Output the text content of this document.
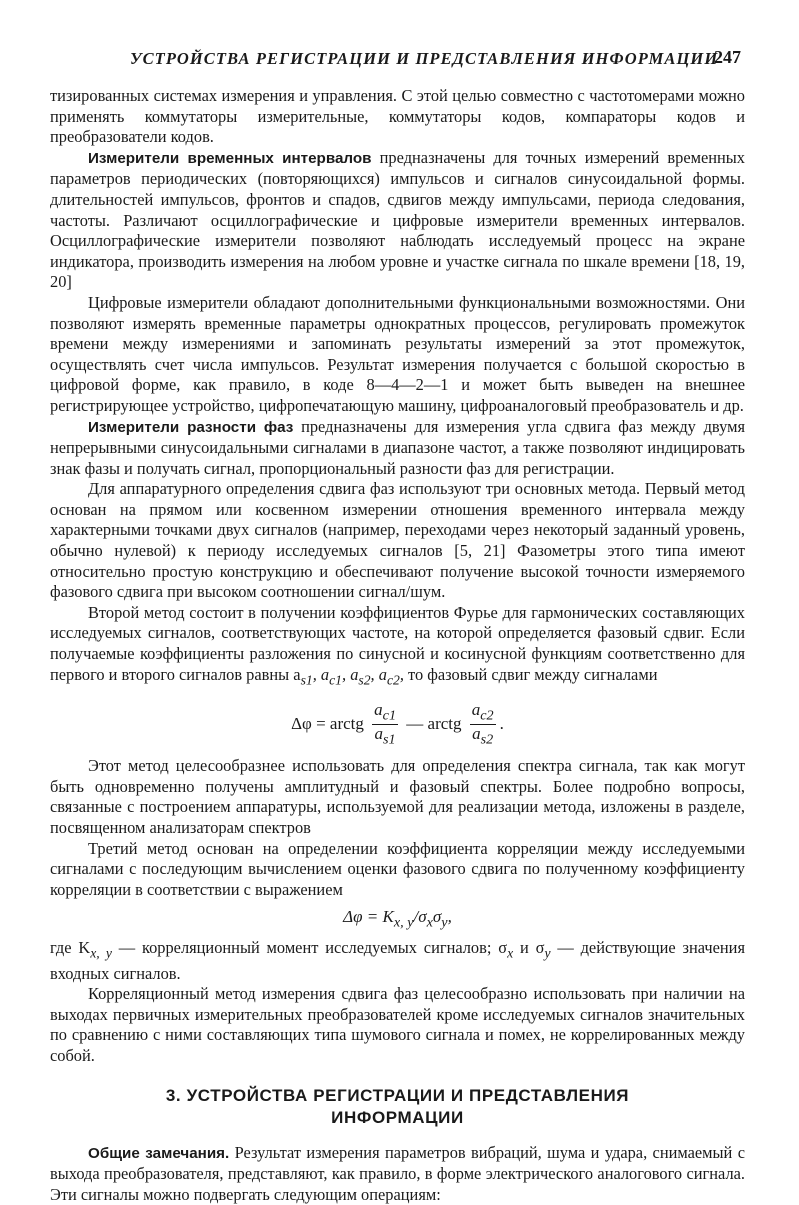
УСТРОЙСТВА РЕГИСТРАЦИИ И ПРЕДСТАВЛЕНИЯ ИНФОРМАЦИИ
247

тизированных системах измерения и управления. С этой целью совместно с частотомерами можно применять коммутаторы измерительные, коммутаторы кодов, компараторы кодов и преобразователи кодов.

Измерители временных интервалов предназначены для точных измерений временных параметров периодических (повторяющихся) импульсов и сигналов синусоидальной формы. длительностей импульсов, фронтов и спадов, сдвигов между импульсами, периода следования, частоты. Различают осциллографические и цифровые измерители временных интервалов. Осциллографические измерители позволяют наблюдать исследуемый процесс на экране индикатора, производить измерения на любом уровне и участке сигнала по шкале времени [18, 19, 20]

Цифровые измерители обладают дополнительными функциональными возможностями. Они позволяют измерять временные параметры однократных процессов, регулировать промежуток времени между измерениями и запоминать результаты измерений за этот промежуток, осуществлять счет числа импульсов. Результат измерения получается с большой скоростью в цифровой форме, как правило, в коде 8—4—2—1 и может быть выведен на внешнее регистрирующее устройство, цифропечатающую машину, цифроаналоговый преобразователь и др.

Измерители разности фаз предназначены для измерения угла сдвига фаз между двумя непрерывными синусоидальными сигналами в диапазоне частот, а также позволяют индицировать знак фазы и получать сигнал, пропорциональный разности фаз для регистрации.

Для аппаратурного определения сдвига фаз используют три основных метода. Первый метод основан на прямом или косвенном измерении отношения временного интервала между характерными точками двух сигналов (например, переходами через некоторый заданный уровень, обычно нулевой) к периоду исследуемых сигналов [5, 21] Фазометры этого типа имеют относительно простую конструкцию и обеспечивают получение высокой точности измеряемого фазового сдвига при высоком соотношении сигнал/шум.

Второй метод состоит в получении коэффициентов Фурье для гармонических составляющих исследуемых сигналов, соответствующих частоте, на которой определяется фазовый сдвиг. Если получаемые коэффициенты разложения по синусной и косинусной функциям соответственно для первого и второго сигналов равны $a_{s1}$, $a_{c1}$, $a_{s2}$, $a_{c2}$, то фазовый сдвиг между сигналами

Δφ = arctg $\frac{a_{c1}}{a_{s1}}$ — arctg $\frac{a_{c2}}{a_{s2}}$ .

Этот метод целесообразнее использовать для определения спектра сигнала, так как могут быть одновременно получены амплитудный и фазовый спектры. Более подробно вопросы, связанные с построением аппаратуры, используемой для реализации метода, изложены в разделе, посвященном анализаторам спектров

Третий метод основан на определении коэффициента корреляции между исследуемыми сигналами с последующим вычислением оценки фазового сдвига по полученному коэффициенту корреляции в соответствии с выражением

$\Delta\varphi = K_{x, y}/\sigma_x\sigma_y$,

где $K_{x, y}$ — корреляционный момент исследуемых сигналов; $\sigma_x$ и $\sigma_y$ — действующие значения входных сигналов.

Корреляционный метод измерения сдвига фаз целесообразно использовать при наличии на выходах первичных измерительных преобразователей кроме исследуемых сигналов значительных по сравнению с ними составляющих типа шумового сигнала и помех, не коррелированных между собой.

3. УСТРОЙСТВА РЕГИСТРАЦИИ И ПРЕДСТАВЛЕНИЯ
ИНФОРМАЦИИ

Общие замечания. Результат измерения параметров вибраций, шума и удара, снимаемый с выхода преобразователя, представляют, как правило, в форме электрического аналогового сигнала. Эти сигналы можно подвергать следующим операциям:
